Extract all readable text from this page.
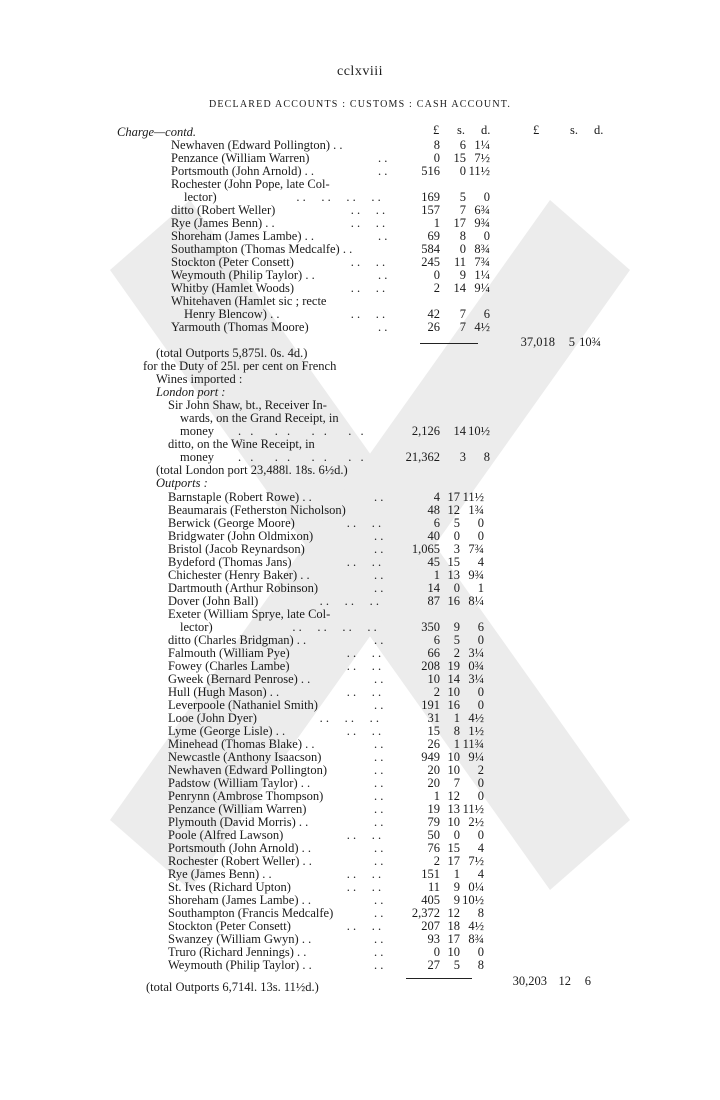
cclxviii
DECLARED ACCOUNTS : CUSTOMS : CASH ACCOUNT.
£ s. d.	£ s. d.
Charge—contd.
Newhaven (Edward Pollington) . .	8	6 1¼
Penzance (William Warren)	. .	0	15 7½
Portsmouth (John Arnold) . .	. .	516	0 11½
Rochester (John Pope, late Col-
lector)	. .     . .     . .     . .	169	5	0
ditto (Robert Weller)	. .     . .	157	7 6¾
Rye (James Benn) . .	. .     . .	1	17 9¾
Shoreham (James Lambe) . .	. .	69	8	0
Southampton (Thomas Medcalfe) . .	584	0 8¾
Stockton (Peter Consett)	. .     . .	245	11 7¾
Weymouth (Philip Taylor) . .	. .	0	9 1¼
Whitby (Hamlet Woods)	. .     . .	2	14 9¼
Whitehaven (Hamlet sic ; recte
Henry Blencow) . .	. .     . .	42	7	6
Yarmouth (Thomas Moore)	. .	26	7 4½
37,018	5 10¾
(total Outports 5,875l. 0s. 4d.)
for the Duty of 25l. per cent on French
Wines imported :
London port :
Sir John Shaw, bt., Receiver In-
wards, on the Grand Receipt, in
money . .   . .   . .   . .	2,126	14 10½
ditto, on the Wine Receipt, in
money . .   . .   . .   . .	21,362	3	8
(total London port 23,488l. 18s. 6½d.)
Outports :
Barnstaple (Robert Rowe) . .	. .	4 17 11½
Beaumarais (Fetherston Nicholson)	48 12 1¾
Berwick (George Moore)	. .     . .	6	5	0
Bridgwater (John Oldmixon)	. .	40	0	0
Bristol (Jacob Reynardson)	. .	1,065	3 7¾
Bydeford (Thomas Jans)	. .     . .	45 15	4
Chichester (Henry Baker) . .	. .	1 13 9¾
Dartmouth (Arthur Robinson)	. .	14	0	1
Dover (John Ball)	. .     . .     . .	87 16 8¼
Exeter (William Sprye, late Col-
lector)	. .     . .     . .     . .	350	9	6
ditto (Charles Bridgman) . .	. .	6	5	0
Falmouth (William Pye)	. .     . .	66	2 3¼
Fowey (Charles Lambe)	. .     . .	208 19 0¾
Gweek (Bernard Penrose) . .	. .	10 14 3¼
Hull (Hugh Mason) . .	. .     . .	2 10	0
Leverpoole (Nathaniel Smith)	. .	191 16	0
Looe (John Dyer)	. .     . .     . .	31	1 4½
Lyme (George Lisle) . .	. .     . .	15	8 1½
Minehead (Thomas Blake) . .	. .	26	1 11¾
Newcastle (Anthony Isaacson)	. .	949 10 9¼
Newhaven (Edward Pollington)	. .	20 10	2
Padstow (William Taylor) . .	. .	20	7	0
Penrynn (Ambrose Thompson)	. .	1 12	0
Penzance (William Warren)	. .	19 13 11½
Plymouth (David Morris) . .	. .	79 10 2½
Poole (Alfred Lawson)	. .     . .	50	0	0
Portsmouth (John Arnold) . .	. .	76 15	4
Rochester (Robert Weller) . .	. .	2 17 7½
Rye (James Benn) . .	. .     . .	151	1	4
St. Ives (Richard Upton)	. .     . .	11	9 0¼
Shoreham (James Lambe) . .	. .	405	9 10½
Southampton (Francis Medcalfe)	. .	2,372 12	8
Stockton (Peter Consett)	. .     . .	207 18 4½
Swanzey (William Gwyn) . .	. .	93 17 8¾
Truro (Richard Jennings) . .	. .	0 10	0
Weymouth (Philip Taylor) . .	. .	27	5	8
30,203 12	6
(total Outports 6,714l. 13s. 11½d.)
